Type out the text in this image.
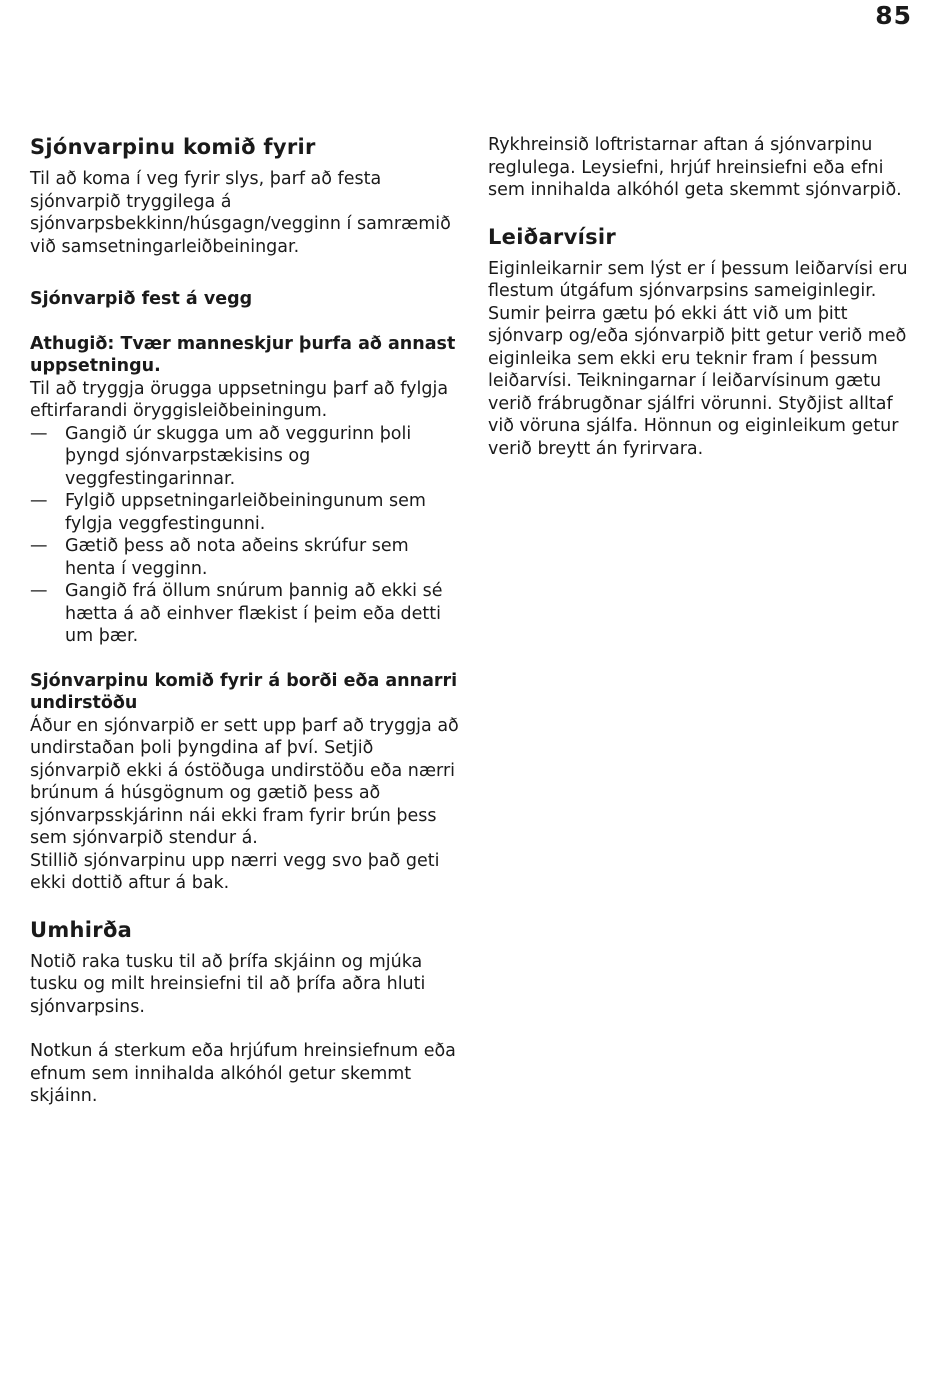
85
Sjónvarpinu komið fyrir

Til að koma í veg fyrir slys, þarf að festa sjónvarpið tryggilega á sjónvarpsbekkinn/húsgagn/vegginn í samræmið við samsetningarleiðbeiningar.

Sjónvarpið fest á vegg
Athugið: Tvær manneskjur þurfa að annast uppsetningu.

Til að tryggja örugga uppsetningu þarf að fylgja eftirfarandi öryggisleiðbeiningum.

— Gangið úr skugga um að veggurinn þoli þyngd sjónvarpstækisins og veggfestingarinnar.
— Fylgið uppsetningarleiðbeiningunum sem fylgja veggfestingunni.
— Gætið þess að nota aðeins skrúfur sem henta í vegginn.
— Gangið frá öllum snúrum þannig að ekki sé hætta á að einhver flækist í þeim eða detti um þær.
Sjónvarpinu komið fyrir á borði eða annarri undirstöðu

Áður en sjónvarpið er sett upp þarf að tryggja að undirstaðan þoli þyngdina af því. Setjið sjónvarpið ekki á óstöðuga undirstöðu eða nærri brúnum á húsgögnum og gætið þess að sjónvarpsskjárinn nái ekki fram fyrir brún þess sem sjónvarpið stendur á.

Stillið sjónvarpinu upp nærri vegg svo það geti ekki dottið aftur á bak.

Umhirða

Notið raka tusku til að þrífa skjáinn og mjúka tusku og milt hreinsiefni til að þrífa aðra hluti sjónvarpsins.

Notkun á sterkum eða hrjúfum hreinsiefnum eða efnum sem innihalda alkóhól getur skemmt skjáinn.

Rykhreinsið loftristarnar aftan á sjónvarpinu reglulega. Leysiefni, hrjúf hreinsiefni eða efni sem innihalda alkóhól geta skemmt sjónvarpið.

Leiðarvísir

Eiginleikarnir sem lýst er í þessum leiðarvísi eru flestum útgáfum sjónvarpsins sameiginlegir. Sumir þeirra gætu þó ekki átt við um þitt sjónvarp og/eða sjónvarpið þitt getur verið með eiginleika sem ekki eru teknir fram í þessum leiðarvísi. Teikningarnar í leiðarvísinum gætu verið frábrugðnar sjálfri vörunni. Styðjist alltaf við vöruna sjálfa. Hönnun og eiginleikum getur verið breytt án fyrirvara.
